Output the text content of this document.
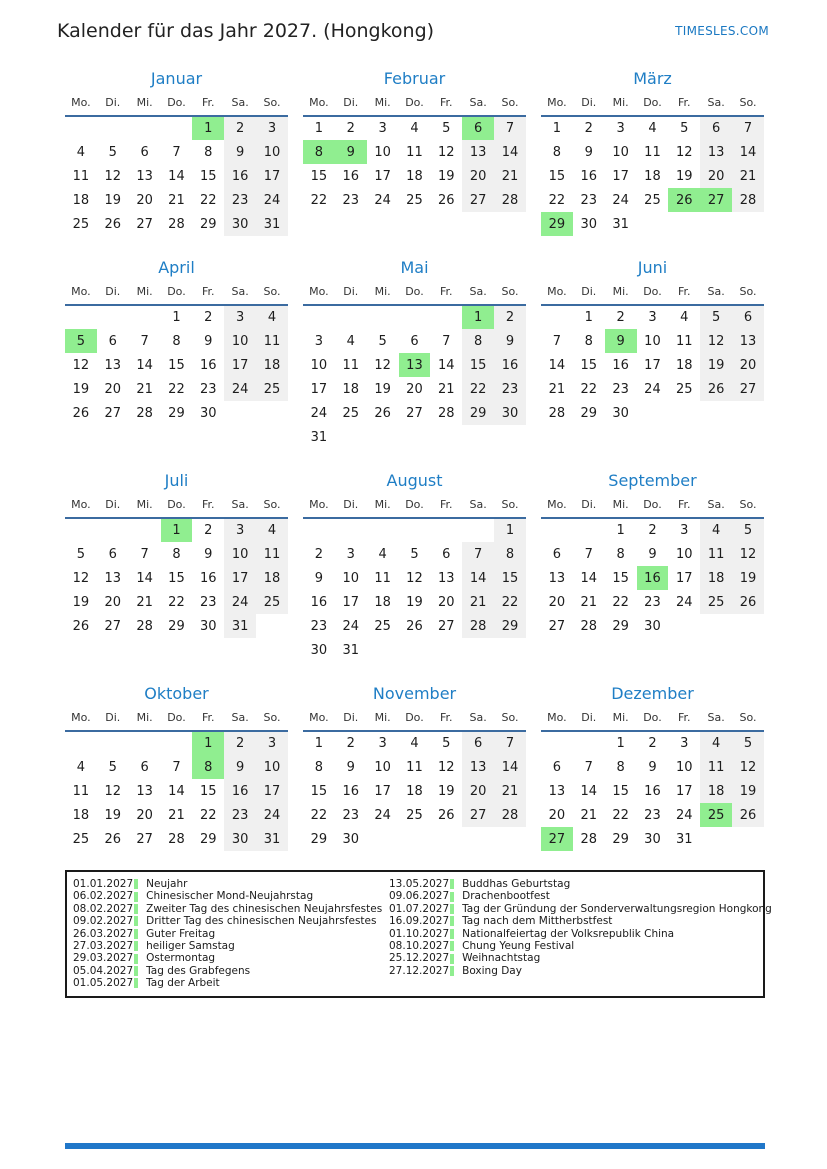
Kalender für das Jahr 2027. (Hongkong)	TIMESLES.COM
Januar
Mo.	Di.	Mi.	Do.	Fr.	Sa.	So.
				1	2	3
4	5	6	7	8	9	10
11	12	13	14	15	16	17
18	19	20	21	22	23	24
25	26	27	28	29	30	31
Februar
Mo.	Di.	Mi.	Do.	Fr.	Sa.	So.
1	2	3	4	5	6	7
8	9	10	11	12	13	14
15	16	17	18	19	20	21
22	23	24	25	26	27	28
März
Mo.	Di.	Mi.	Do.	Fr.	Sa.	So.
1	2	3	4	5	6	7
8	9	10	11	12	13	14
15	16	17	18	19	20	21
22	23	24	25	26	27	28
29	30	31				
April
Mo.	Di.	Mi.	Do.	Fr.	Sa.	So.
			1	2	3	4
5	6	7	8	9	10	11
12	13	14	15	16	17	18
19	20	21	22	23	24	25
26	27	28	29	30		
Mai
Mo.	Di.	Mi.	Do.	Fr.	Sa.	So.
					1	2
3	4	5	6	7	8	9
10	11	12	13	14	15	16
17	18	19	20	21	22	23
24	25	26	27	28	29	30
31						
Juni
Mo.	Di.	Mi.	Do.	Fr.	Sa.	So.
	1	2	3	4	5	6
7	8	9	10	11	12	13
14	15	16	17	18	19	20
21	22	23	24	25	26	27
28	29	30				
Juli
Mo.	Di.	Mi.	Do.	Fr.	Sa.	So.
			1	2	3	4
5	6	7	8	9	10	11
12	13	14	15	16	17	18
19	20	21	22	23	24	25
26	27	28	29	30	31	
August
Mo.	Di.	Mi.	Do.	Fr.	Sa.	So.
						1
2	3	4	5	6	7	8
9	10	11	12	13	14	15
16	17	18	19	20	21	22
23	24	25	26	27	28	29
30	31					
September
Mo.	Di.	Mi.	Do.	Fr.	Sa.	So.
		1	2	3	4	5
6	7	8	9	10	11	12
13	14	15	16	17	18	19
20	21	22	23	24	25	26
27	28	29	30			
Oktober
Mo.	Di.	Mi.	Do.	Fr.	Sa.	So.
				1	2	3
4	5	6	7	8	9	10
11	12	13	14	15	16	17
18	19	20	21	22	23	24
25	26	27	28	29	30	31
November
Mo.	Di.	Mi.	Do.	Fr.	Sa.	So.
1	2	3	4	5	6	7
8	9	10	11	12	13	14
15	16	17	18	19	20	21
22	23	24	25	26	27	28
29	30					
Dezember
Mo.	Di.	Mi.	Do.	Fr.	Sa.	So.
		1	2	3	4	5
6	7	8	9	10	11	12
13	14	15	16	17	18	19
20	21	22	23	24	25	26
27	28	29	30	31		
01.01.2027 Neujahr
06.02.2027 Chinesischer Mond-Neujahrstag
08.02.2027 Zweiter Tag des chinesischen Neujahrsfestes
09.02.2027 Dritter Tag des chinesischen Neujahrsfestes
26.03.2027 Guter Freitag
27.03.2027 heiliger Samstag
29.03.2027 Ostermontag
05.04.2027 Tag des Grabfegens
01.05.2027 Tag der Arbeit
13.05.2027 Buddhas Geburtstag
09.06.2027 Drachenbootfest
01.07.2027 Tag der Gründung der Sonderverwaltungsregion Hongkong
16.09.2027 Tag nach dem Mittherbstfest
01.10.2027 Nationalfeiertag der Volksrepublik China
08.10.2027 Chung Yeung Festival
25.12.2027 Weihnachtstag
27.12.2027 Boxing Day
